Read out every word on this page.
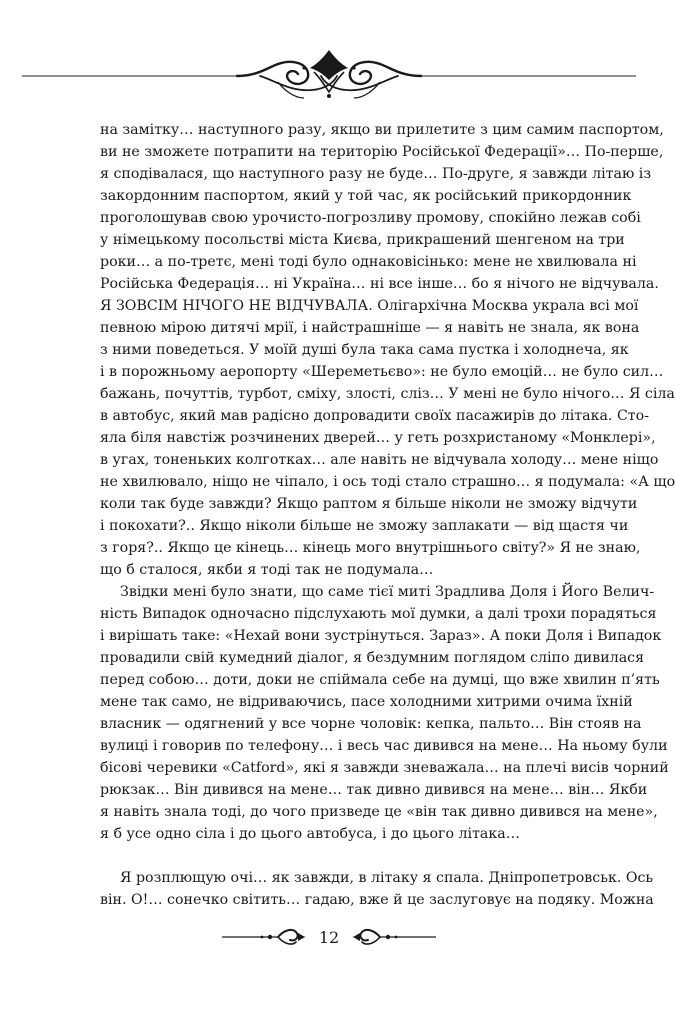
на замітку… наступного разу, якщо ви прилетите з цим самим паспортом,
ви не зможете потрапити на територію Російської Федерації»… По-перше,
я сподівалася, що наступного разу не буде… По-друге, я завжди літаю із
закордонним паспортом, який у той час, як російський прикордонник
проголошував свою урочисто-погрозливу промову, спокійно лежав собі
у німецькому посольстві міста Києва, прикрашений шенгеном на три
роки… а по-третє, мені тоді було однаковісінько: мене не хвилювала ні
Російська Федерація… ні Україна… ні все інше… бо я нічого не відчувала.
Я ЗОВСІМ НІЧОГО НЕ ВІДЧУВАЛА. Олігархічна Москва украла всі мої
певною мірою дитячі мрії, і найстрашніше — я навіть не знала, як вона
з ними поведеться. У моїй душі була така сама пустка і холоднеча, як
і в порожньому аеропорту «Шереметьєво»: не було емоцій… не було сил…
бажань, почуттів, турбот, сміху, злості, сліз… У мені не було нічого… Я сіла
в автобус, який мав радісно допровадити своїх пасажирів до літака. Сто-
яла біля навстіж розчинених дверей… у геть розхристаному «Монклері»,
в угах, тоненьких колготках… але навіть не відчувала холоду… мене ніщо
не хвилювало, ніщо не чіпало, і ось тоді стало страшно… я подумала: «А що
коли так буде завжди? Якщо раптом я більше ніколи не зможу відчути
і покохати?.. Якщо ніколи більше не зможу заплакати — від щастя чи
з горя?.. Якщо це кінець… кінець мого внутрішнього світу?» Я не знаю,
що б сталося, якби я тоді так не подумала…
Звідки мені було знати, що саме тієї миті Зрадлива Доля і Його Велич-
ність Випадок одночасно підслухають мої думки, а далі трохи порадяться
і вирішать таке: «Нехай вони зустрінуться. Зараз». А поки Доля і Випадок
провадили свій кумедний діалог, я бездумним поглядом сліпо дивилася
перед собою… доти, доки не спіймала себе на думці, що вже хвилин п’ять
мене так само, не відриваючись, пасе холодними хитрими очима їхній
власник — одягнений у все чорне чоловік: кепка, пальто… Він стояв на
вулиці і говорив по телефону… і весь час дивився на мене… На ньому були
бісові черевики «Catford», які я завжди зневажала… на плечі висів чорний
рюкзак… Він дивився на мене… так дивно дивився на мене… він… Якби
я навіть знала тоді, до чого призведе це «він так дивно дивився на мене»,
я б усе одно сіла і до цього автобуса, і до цього літака…
Я розплющую очі… як завжди, в літаку я спала. Дніпропетровськ. Ось
він. О!… сонечко світить… гадаю, вже й це заслуговує на подяку. Можна
12
